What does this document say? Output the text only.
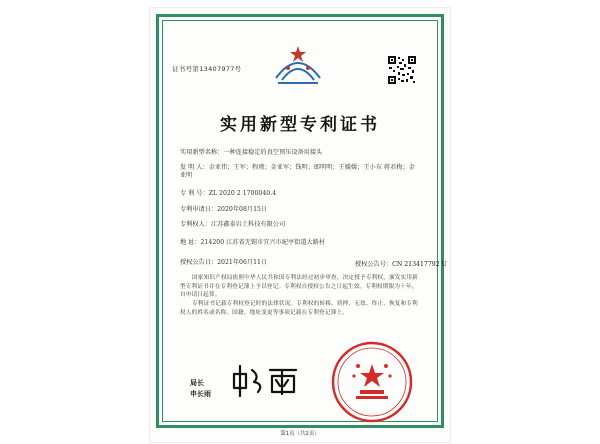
证书号第13407977号
实用新型专利证书
实用新型名称：一种连接稳定的真空预压设备用接头
发 明 人：金亚伟；王军；程瑾；金亚军；钱明；郎明明；王媛媛；王小东 蒋君梅；金亚明
专 利 号：ZL 2020 2 1700040.4
专利申请日：2020年08月15日
专利权人：江苏鑫泰岩土科技有限公司
地 址：214200 江苏省无锡市宜兴市屺亭街道大路村
授权公告日：2021年06月11日	授权公告号：CN 213417792 U
国家知识产权局依照中华人民共和国专利法经过初步审查，决定授予专利权，颁发实用新型专利证书并在专利登记簿上予以登记。专利权自授权公告之日起生效。专利权期限为十年，自申请日起算。
专利证书记载专利权登记时的法律状况。专利权的转移、质押、无效、终止、恢复和专利权人的姓名或名称、国籍、地址变更等事项记载在专利登记簿上。
局长
申长雨
第1页（共2页）
